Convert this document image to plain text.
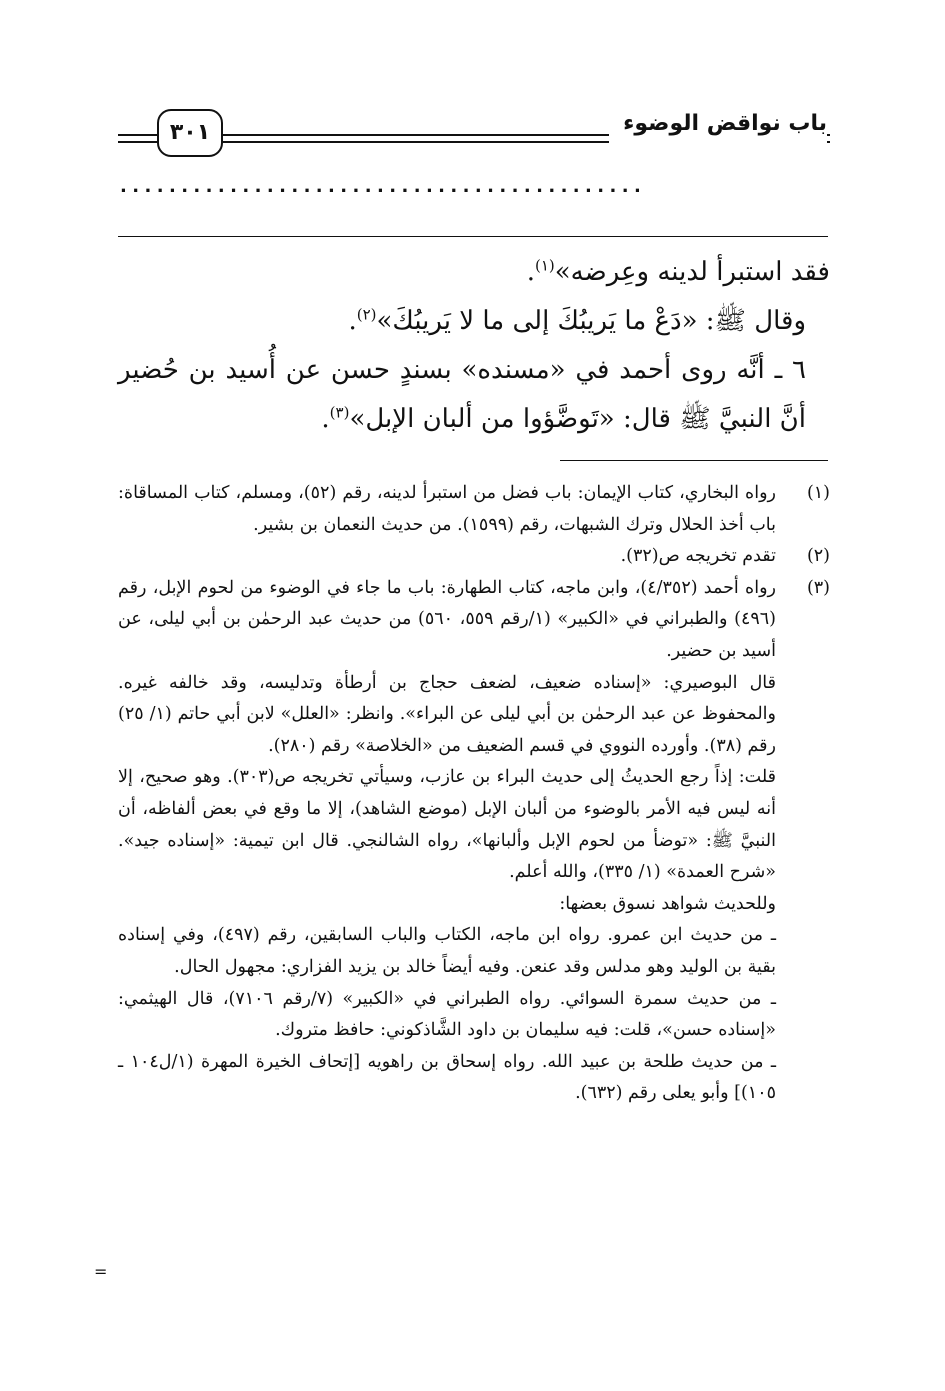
باب نواقض الوضوء
٣٠١
...........................................

فقد استبرأ لدينه وعِرضه»$^{(١)}$.

وقال ﷺ: «دَعْ ما يَريبُكَ إلى ما لا يَريبُكَ»$^{(٢)}$.

٦ ـ أنَّه روى أحمد في «مسنده» بسندٍ حسن عن أُسيد بن حُضير أنَّ النبيَّ ﷺ قال: «تَوضَّؤوا من ألبان الإبل»$^{(٣)}$.

(١)

رواه البخاري، كتاب الإيمان: باب فضل من استبرأ لدينه، رقم (٥٢)، ومسلم، كتاب المساقاة: باب أخذ الحلال وترك الشبهات، رقم (١٥٩٩). من حديث النعمان بن بشير.

(٢)

تقدم تخريجه ص(٣٢).

(٣)

رواه أحمد (٤/٣٥٢)، وابن ماجه، كتاب الطهارة: باب ما جاء في الوضوء من لحوم الإبل، رقم (٤٩٦) والطبراني في «الكبير» (١/رقم ٥٥٩، ٥٦٠) من حديث عبد الرحمٰن بن أبي ليلى، عن أسيد بن حضير.

قال البوصيري: «إسناده ضعيف، لضعف حجاج بن أرطأة وتدليسه، وقد خالفه غيره. والمحفوظ عن عبد الرحمٰن بن أبي ليلى عن البراء». وانظر: «العلل» لابن أبي حاتم (١/ ٢٥) رقم (٣٨). وأورده النووي في قسم الضعيف من «الخلاصة» رقم (٢٨٠).

قلت: إذاً رجع الحديثُ إلى حديث البراء بن عازب، وسيأتي تخريجه ص(٣٠٣). وهو صحيح، إلا أنه ليس فيه الأمر بالوضوء من ألبان الإبل (موضع الشاهد)، إلا ما وقع في بعض ألفاظه، أن النبيَّ ﷺ: «توضأ من لحوم الإبل وألبانها»، رواه الشالنجي. قال ابن تيمية: «إسناده جيد». «شرح العمدة» (١/ ٣٣٥)، والله أعلم.

وللحديث شواهد نسوق بعضها:

ـ من حديث ابن عمرو. رواه ابن ماجه، الكتاب والباب السابقين، رقم (٤٩٧)، وفي إسناده بقية بن الوليد وهو مدلس وقد عنعن. وفيه أيضاً خالد بن يزيد الفزاري: مجهول الحال.

ـ من حديث سمرة السوائي. رواه الطبراني في «الكبير» (٧/رقم ٧١٠٦)، قال الهيثمي: «إسناده حسن»، قلت: فيه سليمان بن داود الشَّاذكوني: حافظ متروك.

ـ من حديث طلحة بن عبيد الله. رواه إسحاق بن راهويه [إتحاف الخيرة المهرة (١/ل١٠٤ ـ ١٠٥)] وأبو يعلى رقم (٦٣٢).

=
